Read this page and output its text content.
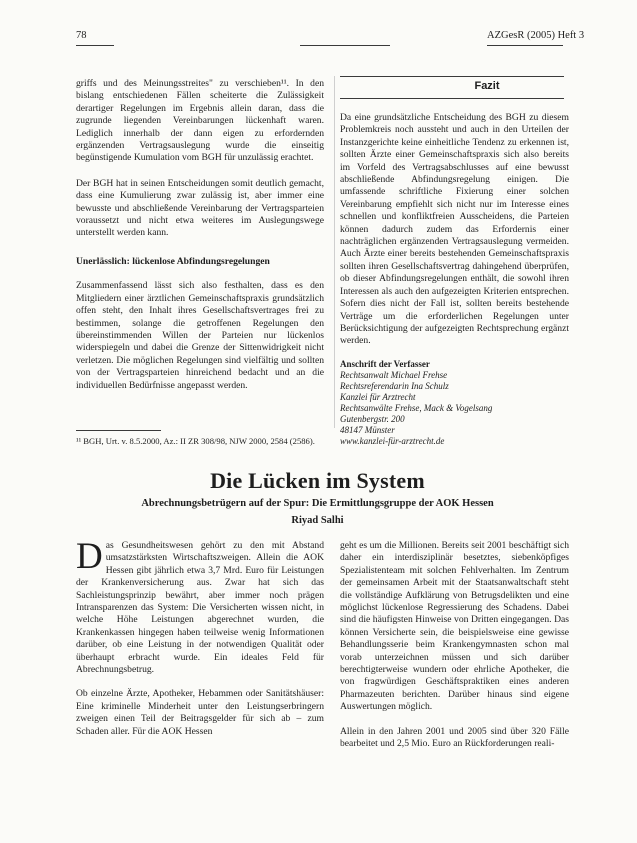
78	AZGesR (2005) Heft 3

griffs und des Meinungsstreites" zu verschieben¹¹. In den bislang entschiedenen Fällen scheiterte die Zulässigkeit derartiger Regelungen im Ergebnis allein daran, dass die zugrunde liegenden Vereinbarungen lückenhaft waren. Lediglich innerhalb der dann eigen zu erfordernden ergänzenden Vertragsauslegung wurde die einseitig begünstigende Kumulation vom BGH für unzulässig erachtet.

Der BGH hat in seinen Entscheidungen somit deutlich gemacht, dass eine Kumulierung zwar zulässig ist, aber immer eine bewusste und abschließende Vereinbarung der Vertragsparteien voraussetzt und nicht etwa weiteres im Auslegungswege unterstellt werden kann.

Unerlässlich: lückenlose Abfindungsregelungen

Zusammenfassend lässt sich also festhalten, dass es den Mitgliedern einer ärztlichen Gemeinschaftspraxis grundsätzlich offen steht, den Inhalt ihres Gesellschaftsvertrages frei zu bestimmen, solange die getroffenen Regelungen den übereinstimmenden Willen der Parteien nur lückenlos widerspiegeln und dabei die Grenze der Sittenwidrigkeit nicht verletzen. Die möglichen Regelungen sind vielfältig und sollten von der Vertragsparteien hinreichend bedacht und an die individuellen Bedürfnisse angepasst werden.

¹¹ BGH, Urt. v. 8.5.2000, Az.: II ZR 308/98, NJW 2000, 2584 (2586).
Fazit

Da eine grundsätzliche Entscheidung des BGH zu diesem Problemkreis noch aussteht und auch in den Urteilen der Instanzgerichte keine einheitliche Tendenz zu erkennen ist, sollten Ärzte einer Gemeinschaftspraxis sich also bereits im Vorfeld des Vertragsabschlusses auf eine bewusst abschließende Abfindungsregelung einigen. Die umfassende schriftliche Fixierung einer solchen Vereinbarung empfiehlt sich nicht nur im Interesse eines schnellen und konfliktfreien Ausscheidens, die Parteien können dadurch zudem das Erfordernis einer nachträglichen ergänzenden Vertragsauslegung vermeiden. Auch Ärzte einer bereits bestehenden Gemeinschaftspraxis sollten ihren Gesellschaftsvertrag dahingehend überprüfen, ob dieser Abfindungsregelungen enthält, die sowohl ihren Interessen als auch den aufgezeigten Kriterien entsprechen. Sofern dies nicht der Fall ist, sollten bereits bestehende Verträge um die erforderlichen Regelungen unter Berücksichtigung der aufgezeigten Rechtsprechung ergänzt werden.

Anschrift der Verfasser

Rechtsanwalt Michael Frehse
Rechtsreferendarin Ina Schulz
Kanzlei für Arztrecht
Rechtsanwälte Frehse, Mack & Vogelsang
Gutenbergstr. 200
48147 Münster
www.kanzlei-für-arztrecht.de
Die Lücken im System
Abrechnungsbetrügern auf der Spur: Die Ermittlungsgruppe der AOK Hessen
Riyad Salhi

Das Gesundheitswesen gehört zu den mit Abstand umsatzstärksten Wirtschaftszweigen. Allein die AOK Hessen gibt jährlich etwa 3,7 Mrd. Euro für Leistungen der Krankenversicherung aus. Zwar hat sich das Sachleistungsprinzip bewährt, aber immer noch prägen Intransparenzen das System: Die Versicherten wissen nicht, in welche Höhe Leistungen abgerechnet wurden, die Krankenkassen hingegen haben teilweise wenig Informationen darüber, ob eine Leistung in der notwendigen Qualität oder überhaupt erbracht wurde. Ein ideales Feld für Abrechnungsbetrug.

Ob einzelne Ärzte, Apotheker, Hebammen oder Sanitätshäuser: Eine kriminelle Minderheit unter den Leistungserbringern zweigen einen Teil der Beitragsgelder für sich ab – zum Schaden aller. Für die AOK Hessen

geht es um die Millionen. Bereits seit 2001 beschäftigt sich daher ein interdisziplinär besetztes, siebenköpfiges Spezialistenteam mit solchen Fehlverhalten. Im Zentrum der gemeinsamen Arbeit mit der Staatsanwaltschaft steht die vollständige Aufklärung von Betrugsdelikten und eine möglichst lückenlose Regressierung des Schadens. Dabei sind die häufigsten Hinweise von Dritten eingegangen. Das können Versicherte sein, die beispielsweise eine gewisse Behandlungsserie beim Krankengymnasten schon mal vorab unterzeichnen müssen und sich darüber berechtigterweise wundern oder ehrliche Apotheker, die von fragwürdigen Geschäftspraktiken eines anderen Pharmazeuten berichten. Darüber hinaus sind eigene Auswertungen möglich.

Allein in den Jahren 2001 und 2005 sind über 320 Fälle bearbeitet und 2,5 Mio. Euro an Rückforderungen reali-
